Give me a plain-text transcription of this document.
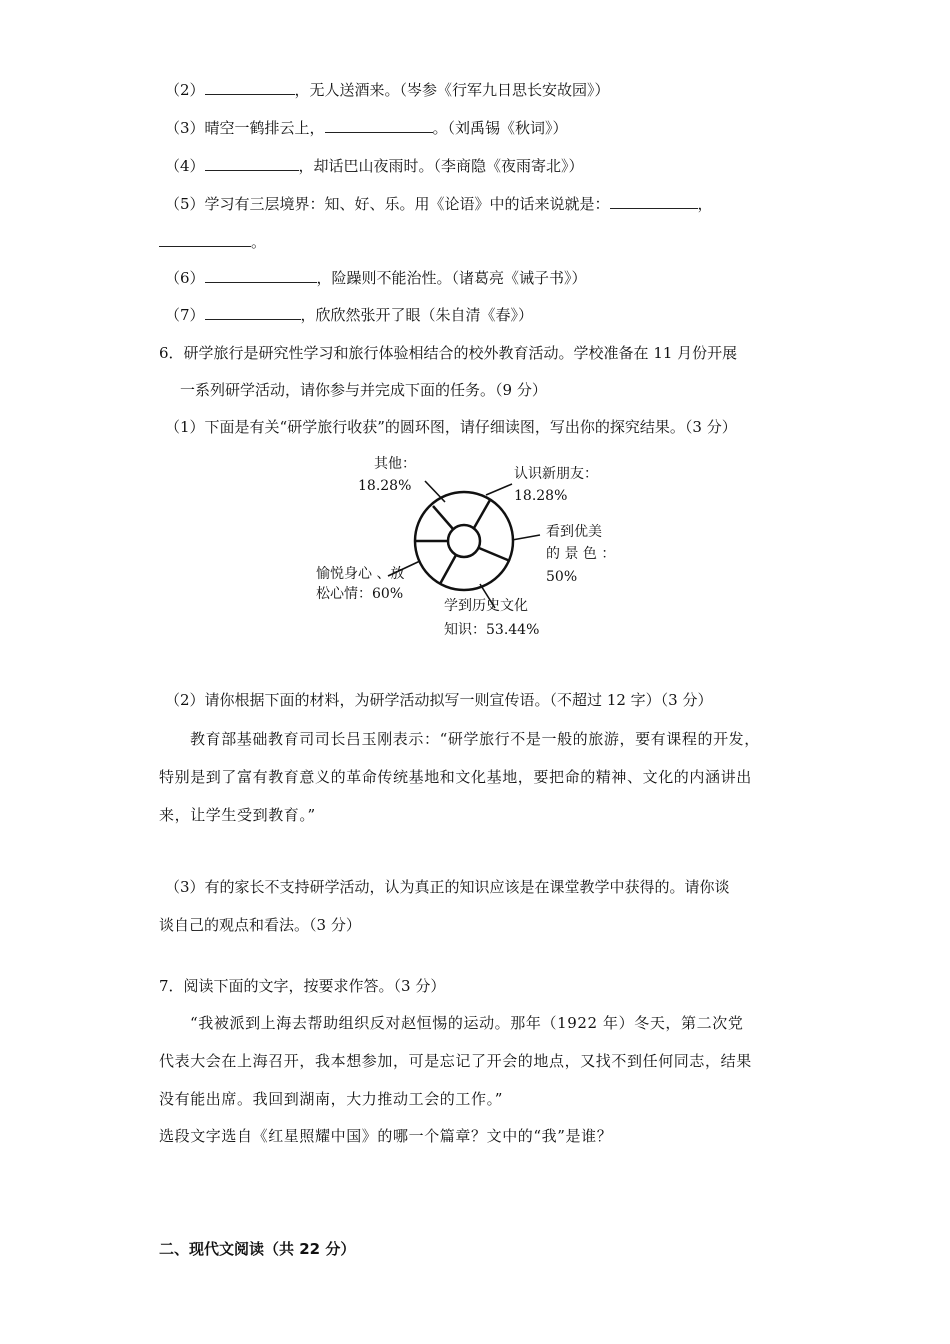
（2）	，无人送酒来。（岑参《行军九日思长安故园》）
（3）晴空一鹤排云上，	。（刘禹锡《秋词》）
（4）	，却话巴山夜雨时。（李商隐《夜雨寄北》）
（5）学习有三层境界：知、好、乐。用《论语》中的话来说就是：	，
。
（6）	，险躁则不能治性。（诸葛亮《诫子书》）
（7）	，欣欣然张开了眼（朱自清《春》）
6．研学旅行是研究性学习和旅行体验相结合的校外教育活动。学校准备在 11 月份开展
一系列研学活动，请你参与并完成下面的任务。（9 分）
（1）下面是有关“研学旅行收获”的圆环图，请仔细读图，写出你的探究结果。（3 分）
其他：
18.28%
认识新朋友：
18.28%
看到优美
的 景 色 ：
50%
学到历史文化
知识：53.44%
愉悦身心 、放
松心情：60%
（2）请你根据下面的材料，为研学活动拟写一则宣传语。（不超过 12 字）（3 分）
教育部基础教育司司长吕玉刚表示：“研学旅行不是一般的旅游，要有课程的开发，
特别是到了富有教育意义的革命传统基地和文化基地，要把命的精神、文化的内涵讲出
来，让学生受到教育。”
（3）有的家长不支持研学活动，认为真正的知识应该是在课堂教学中获得的。请你谈
谈自己的观点和看法。（3 分）
7．阅读下面的文字，按要求作答。（3 分）
“我被派到上海去帮助组织反对赵恒惕的运动。那年（1922 年）冬天，第二次党
代表大会在上海召开，我本想参加，可是忘记了开会的地点，又找不到任何同志，结果
没有能出席。我回到湖南，大力推动工会的工作。”
选段文字选自《红星照耀中国》的哪一个篇章？文中的“我”是谁？
二、现代文阅读（共 22 分）
